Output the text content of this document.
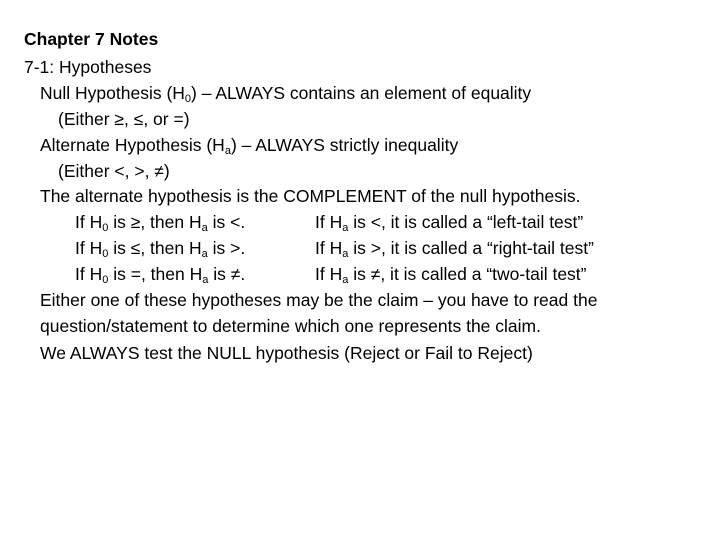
Chapter 7 Notes
7-1: Hypotheses
Null Hypothesis $(H_0)$ – ALWAYS contains an element of equality
(Either ≥, ≤, or =)
Alternate Hypothesis $(H_a)$ – ALWAYS strictly inequality
(Either <, >, ≠)
The alternate hypothesis is the COMPLEMENT of the null hypothesis.
If $H_0$ is ≥, then $H_a$ is <.	If $H_a$ is <, it is called a “left-tail test”
If $H_0$ is ≤, then $H_a$ is >.	If $H_a$ is >, it is called a “right-tail test”
If $H_0$ is =, then $H_a$ is ≠.	If $H_a$ is ≠, it is called a “two-tail test”
Either one of these hypotheses may be the claim – you have to read the
question/statement to determine which one represents the claim.
We ALWAYS test the NULL hypothesis (Reject or Fail to Reject)
